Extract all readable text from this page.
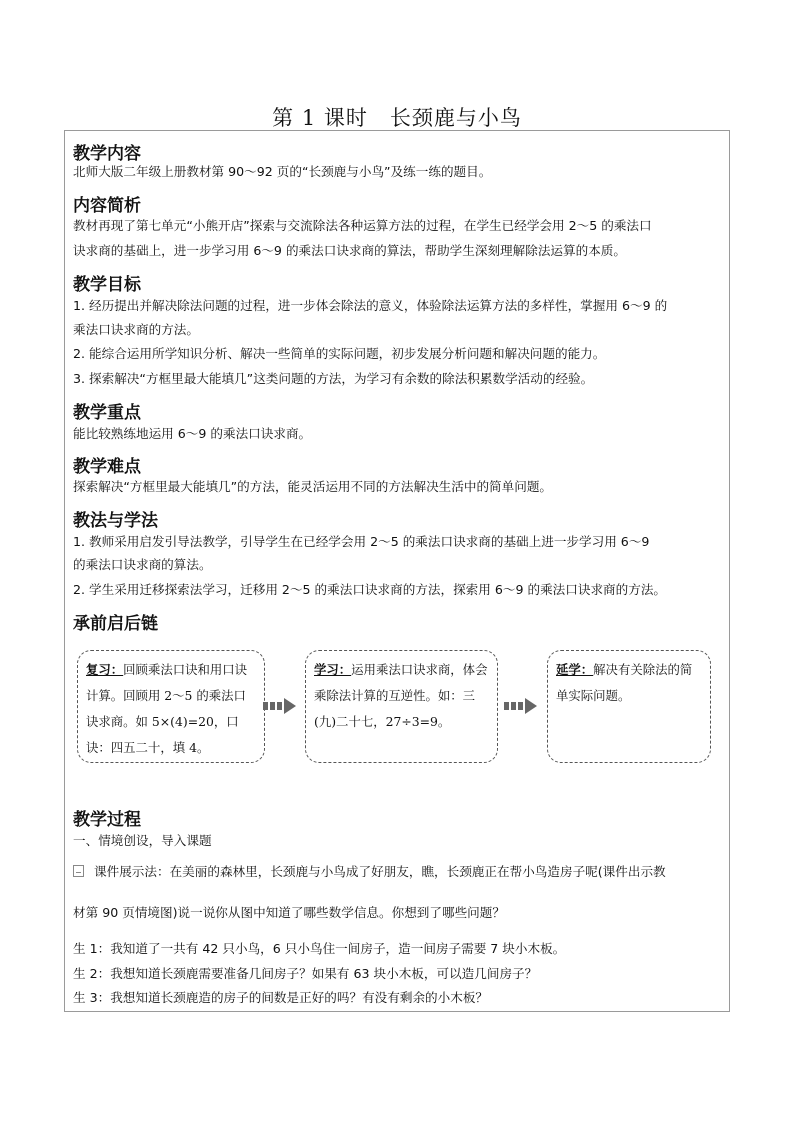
第 1 课时　长颈鹿与小鸟
教学内容
北师大版二年级上册教材第 90～92 页的“长颈鹿与小鸟”及练一练的题目。
内容简析
教材再现了第七单元“小熊开店”探索与交流除法各种运算方法的过程，在学生已经学会用 2～5 的乘法口
诀求商的基础上，进一步学习用 6～9 的乘法口诀求商的算法，帮助学生深刻理解除法运算的本质。
教学目标
1. 经历提出并解决除法问题的过程，进一步体会除法的意义，体验除法运算方法的多样性，掌握用 6～9 的
乘法口诀求商的方法。
2. 能综合运用所学知识分析、解决一些简单的实际问题，初步发展分析问题和解决问题的能力。
3. 探索解决“方框里最大能填几”这类问题的方法，为学习有余数的除法积累数学活动的经验。
教学重点
能比较熟练地运用 6～9 的乘法口诀求商。
教学难点
探索解决“方框里最大能填几”的方法，能灵活运用不同的方法解决生活中的简单问题。
教法与学法
1. 教师采用启发引导法教学，引导学生在已经学会用 2～5 的乘法口诀求商的基础上进一步学习用 6～9
的乘法口诀求商的算法。
2. 学生采用迁移探索法学习，迁移用 2～5 的乘法口诀求商的方法，探索用 6～9 的乘法口诀求商的方法。
承前启后链
复习：回顾乘法口诀和用口诀计算。回顾用 2～5 的乘法口诀求商。如 5×(4)=20，口诀：四五二十，填 4。
学习：运用乘法口诀求商，体会乘除法计算的互逆性。如：三(九)二十七，27÷3=9。
延学：解决有关除法的简单实际问题。
教学过程
一、情境创设，导入课题
课件展示法：在美丽的森林里，长颈鹿与小鸟成了好朋友，瞧，长颈鹿正在帮小鸟造房子呢(课件出示教
材第 90 页情境图)说一说你从图中知道了哪些数学信息。你想到了哪些问题？
生 1：我知道了一共有 42 只小鸟，6 只小鸟住一间房子，造一间房子需要 7 块小木板。
生 2：我想知道长颈鹿需要准备几间房子？如果有 63 块小木板，可以造几间房子？
生 3：我想知道长颈鹿造的房子的间数是正好的吗？有没有剩余的小木板？
